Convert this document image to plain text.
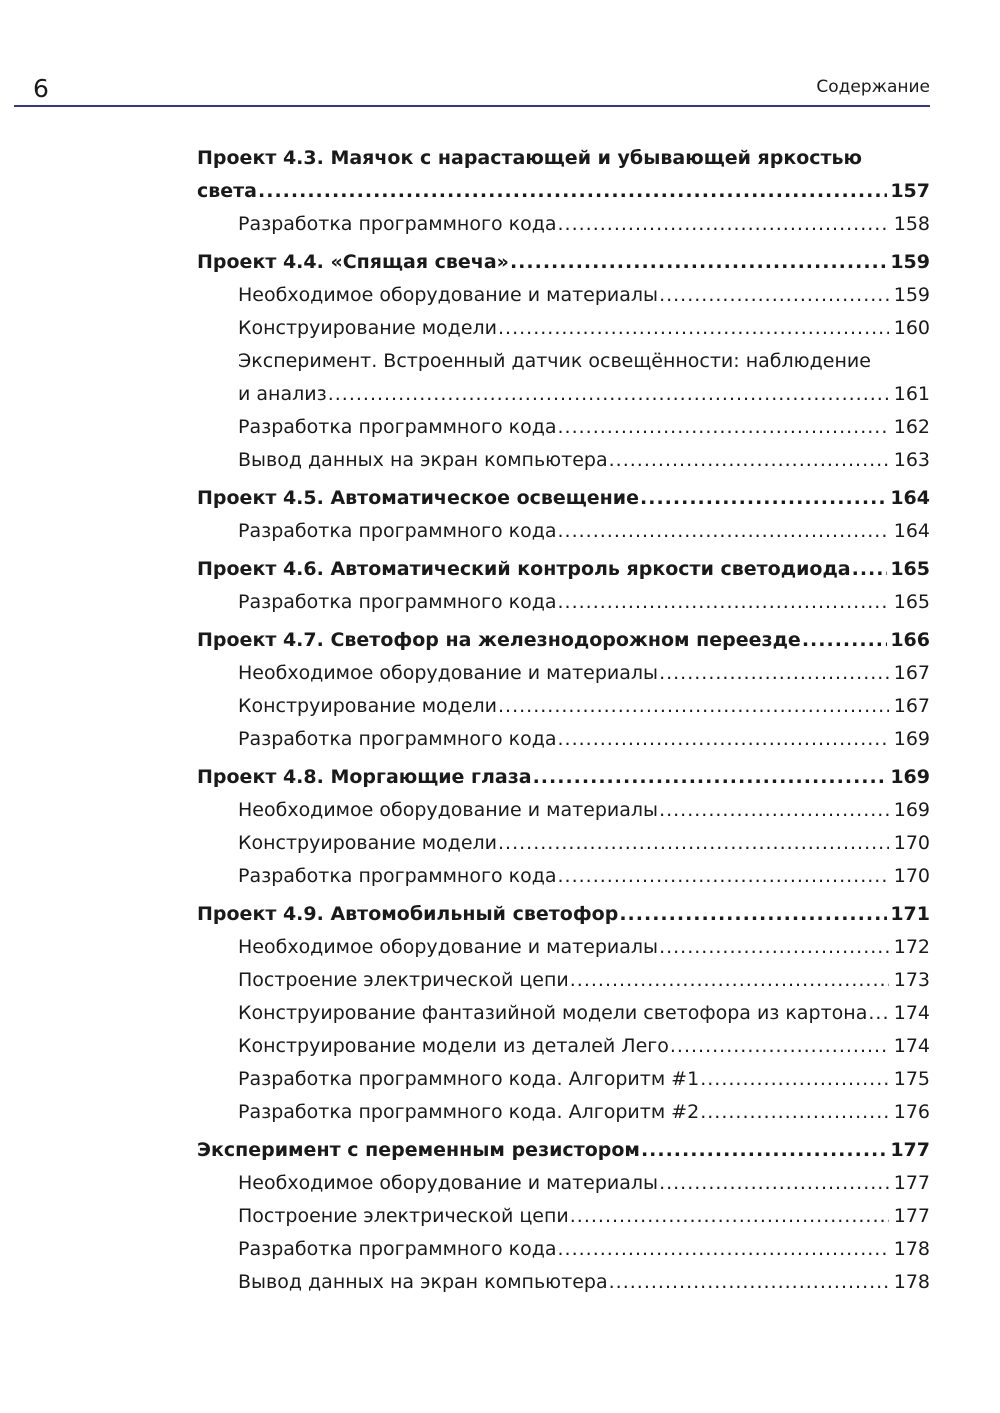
6	Содержание
Проект 4.3. Маячок с нарастающей и убывающей яркостью
света .....	157
Разработка программного кода .....	158
Проект 4.4. «Спящая свеча» .....	159
Необходимое оборудование и материалы .....	159
Конструирование модели .....	160
Эксперимент. Встроенный датчик освещённости: наблюдение
и анализ .....	161
Разработка программного кода .....	162
Вывод данных на экран компьютера .....	163
Проект 4.5. Автоматическое освещение .....	164
Разработка программного кода .....	164
Проект 4.6. Автоматический контроль яркости светодиода ..... 165
Разработка программного кода .....	165
Проект 4.7. Светофор на железнодорожном переезде .....	166
Необходимое оборудование и материалы .....	167
Конструирование модели .....	167
Разработка программного кода .....	169
Проект 4.8. Моргающие глаза .....	169
Необходимое оборудование и материалы .....	169
Конструирование модели .....	170
Разработка программного кода .....	170
Проект 4.9. Автомобильный светофор .....	171
Необходимое оборудование и материалы .....	172
Построение электрической цепи .....	173
Конструирование фантазийной модели светофора из картона ..... 174
Конструирование модели из деталей Лего .....	174
Разработка программного кода. Алгоритм #1 .....	175
Разработка программного кода. Алгоритм #2 .....	176
Эксперимент с переменным резистором .....	177
Необходимое оборудование и материалы .....	177
Построение электрической цепи .....	177
Разработка программного кода .....	178
Вывод данных на экран компьютера .....	178
